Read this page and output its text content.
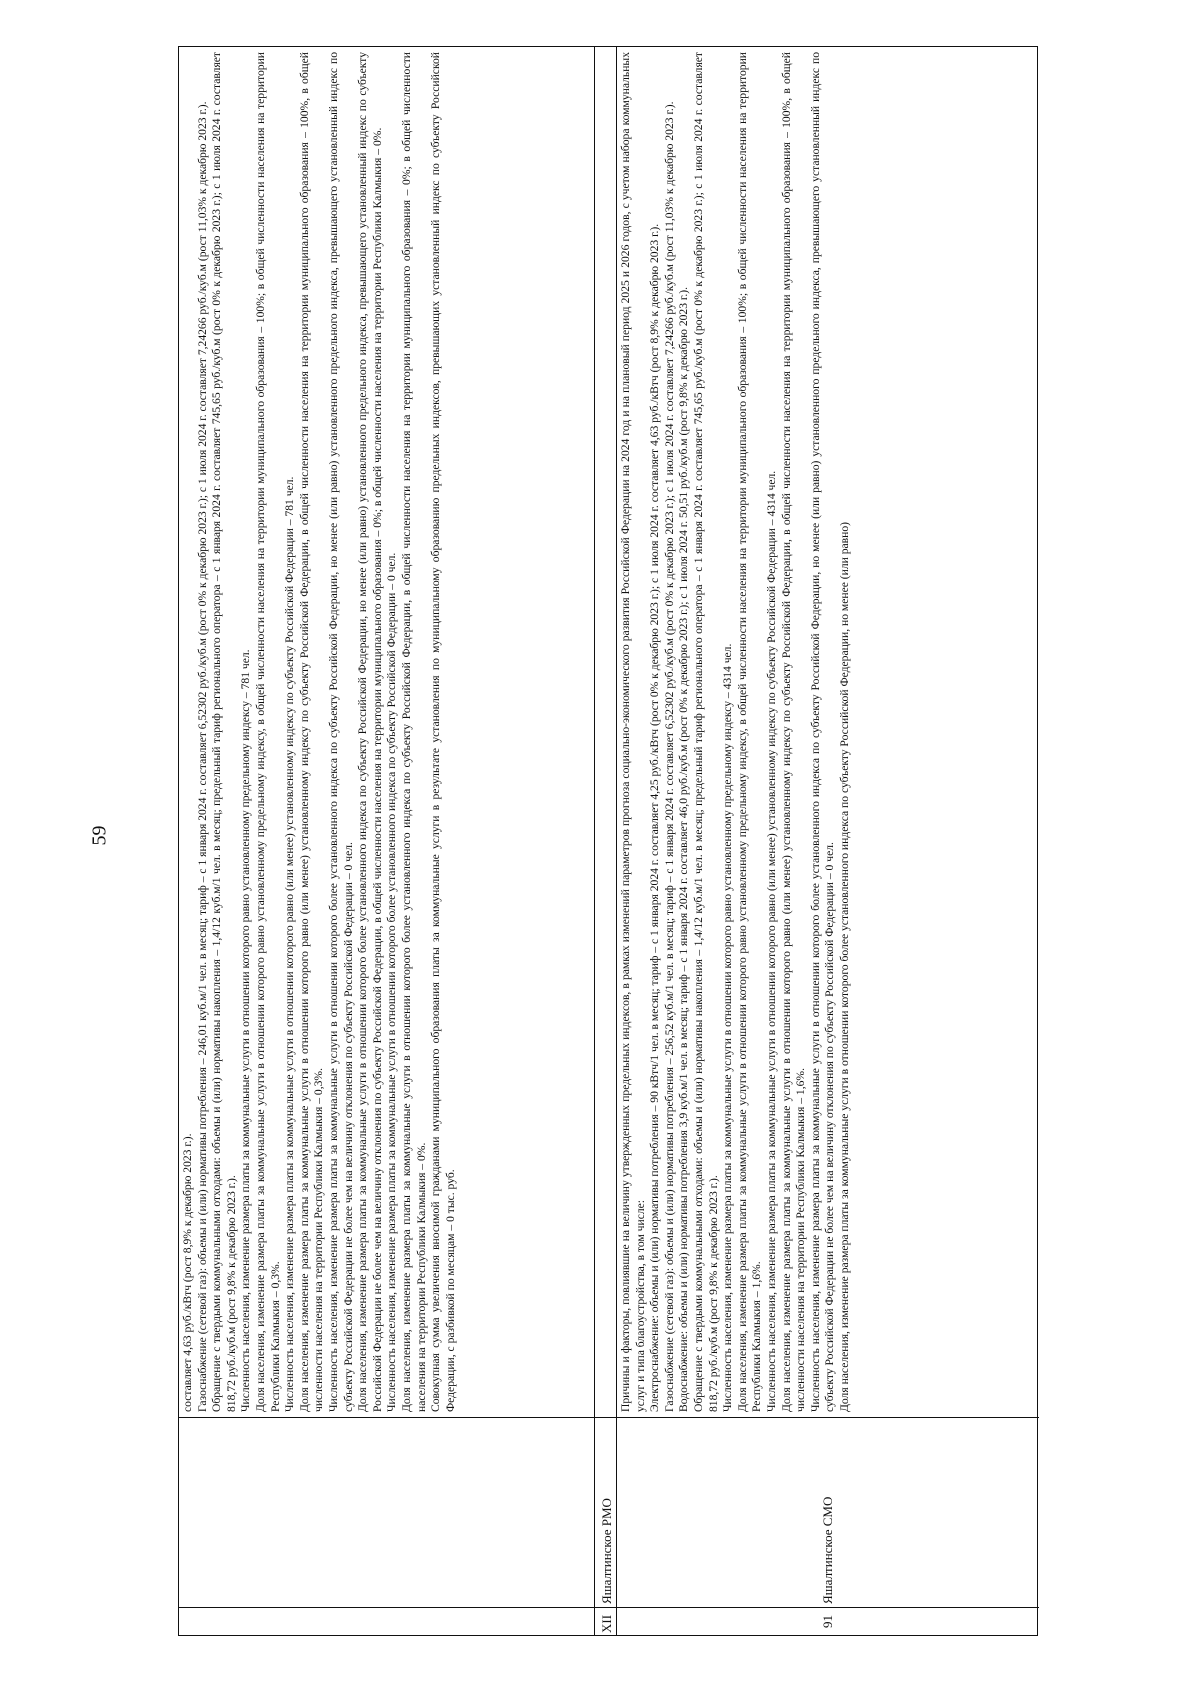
59

составляет 4,63 руб./кВтч (рост 8,9% к декабрю 2023 г.). Газоснабжение (сетевой газ): объемы и (или) нормативы потребления – 246,01 куб.м/1 чел. в месяц; тариф – с 1 января 2024 г. составляет 6,52302 руб./куб.м (рост 0% к декабрю 2023 г.); с 1 июля 2024 г. составляет 7,24266 руб./куб.м (рост 11,03% к декабрю 2023 г.). Обращение с твердыми коммунальными отходами: объемы и (или) нормативы накопления – 1,4/12 куб.м/1 чел. в месяц; предельный тариф регионального оператора – с 1 января 2024 г. составляет 745,65 руб./куб.м (рост 0% к декабрю 2023 г.); с 1 июля 2024 г. составляет 818,72 руб./куб.м (рост 9,8% к декабрю 2023 г.). Численность населения, изменение размера платы за коммунальные услуги в отношении которого равно установленному предельному индексу – 781 чел. Доля населения, изменение размера платы за коммунальные услуги в отношении которого равно установленному предельному индексу, в общей численности населения на территории муниципального образования – 100%; в общей численности населения на территории Республики Калмыкия – 0,3%. Численность населения, изменение размера платы за коммунальные услуги в отношении которого равно (или менее) установленному индексу по субъекту Российской Федерации – 781 чел. Доля населения, изменение размера платы за коммунальные услуги в отношении которого равно (или менее) установленному индексу по субъекту Российской Федерации, в общей численности населения на территории муниципального образования – 100%, в общей численности населения на территории Республики Калмыкия – 0,3%. Численность населения, изменение размера платы за коммунальные услуги в отношении которого более установленного индекса по субъекту Российской Федерации, но менее (или равно) установленного предельного индекса, превышающего установленный индекс по субъекту Российской Федерации не более чем на величину отклонения по субъекту Российской Федерации – 0 чел. Доля населения, изменение размера платы за коммунальные услуги в отношении которого более установленного индекса по субъекту Российской Федерации, но менее (или равно) установленного предельного индекса, превышающего установленный индекс по субъекту Российской Федерации не более чем на величину отклонения по субъекту Российской Федерации, в общей численности населения на территории муниципального образования – 0%; в общей численности населения на территории Республики Калмыкия – 0%. Численность населения, изменение размера платы за коммунальные услуги в отношении которого более установленного индекса по субъекту Российской Федерации – 0 чел. Доля населения, изменение размера платы за коммунальные услуги в отношении которого более установленного индекса по субъекту Российской Федерации, в общей численности населения на территории муниципального образования – 0%; в общей численности населения на территории Республики Калмыкия – 0%. Совокупная сумма увеличения вносимой гражданами муниципального образования платы за коммунальные услуги в результате установления по муниципальному образованию предельных индексов, превышающих установленный индекс по субъекту Российской Федерации, с разбивкой по месяцам – 0 тыс. руб.

XII
Яшалтинское РМО
91
Яшалтинское СМО

Причины и факторы, повлиявшие на величину утвержденных предельных индексов, в рамках изменений параметров прогноза социально-экономического развития Российской Федерации на 2024 год и на плановый период 2025 и 2026 годов, с учетом набора коммунальных услуг и типа благоустройства, в том числе: Электроснабжение: объемы и (или) нормативы потребления – 90 кВтч/1 чел. в месяц; тариф – с 1 января 2024 г. составляет 4,25 руб./кВтч (рост 0% к декабрю 2023 г.); с 1 июля 2024 г. составляет 4,63 руб./кВтч (рост 8,9% к декабрю 2023 г.). Газоснабжение (сетевой газ): объемы и (или) нормативы потребления – 256,52 куб.м/1 чел. в месяц; тариф – с 1 января 2024 г. составляет 6,52302 руб./куб.м (рост 0% к декабрю 2023 г.); с 1 июля 2024 г. составляет 7,24266 руб./куб.м (рост 11,03% к декабрю 2023 г.). Водоснабжение: объемы и (или) нормативы потребления 3,9 куб.м/1 чел. в месяц; тариф – с 1 января 2024 г. составляет 46,0 руб./куб.м (рост 0% к декабрю 2023 г.); с 1 июля 2024 г. 50,51 руб./куб.м (рост 9,8% к декабрю 2023 г.). Обращение с твердыми коммунальными отходами: объемы и (или) нормативы накопления – 1,4/12 куб.м/1 чел. в месяц; предельный тариф регионального оператора – с 1 января 2024 г. составляет 745,65 руб./куб.м (рост 0% к декабрю 2023 г.); с 1 июля 2024 г. составляет 818,72 руб./куб.м (рост 9,8% к декабрю 2023 г.). Численность населения, изменение размера платы за коммунальные услуги в отношении которого равно установленному предельному индексу – 4314 чел. Доля населения, изменение размера платы за коммунальные услуги в отношении которого равно установленному предельному индексу, в общей численности населения на территории муниципального образования – 100%; в общей численности населения на территории Республики Калмыкия – 1,6%. Численность населения, изменение размера платы за коммунальные услуги в отношении которого равно (или менее) установленному индексу по субъекту Российской Федерации – 4314 чел. Доля населения, изменение размера платы за коммунальные услуги в отношении которого равно (или менее) установленному индексу по субъекту Российской Федерации, в общей численности населения на территории муниципального образования – 100%, в общей численности населения на территории Республики Калмыкия – 1,6%. Численность населения, изменение размера платы за коммунальные услуги в отношении которого более установленного индекса по субъекту Российской Федерации, но менее (или равно) установленного предельного индекса, превышающего установленный индекс по субъекту Российской Федерации не более чем на величину отклонения по субъекту Российской Федерации – 0 чел. Доля населения, изменение размера платы за коммунальные услуги в отношении которого более установленного индекса по субъекту Российской Федерации, но менее (или равно)
